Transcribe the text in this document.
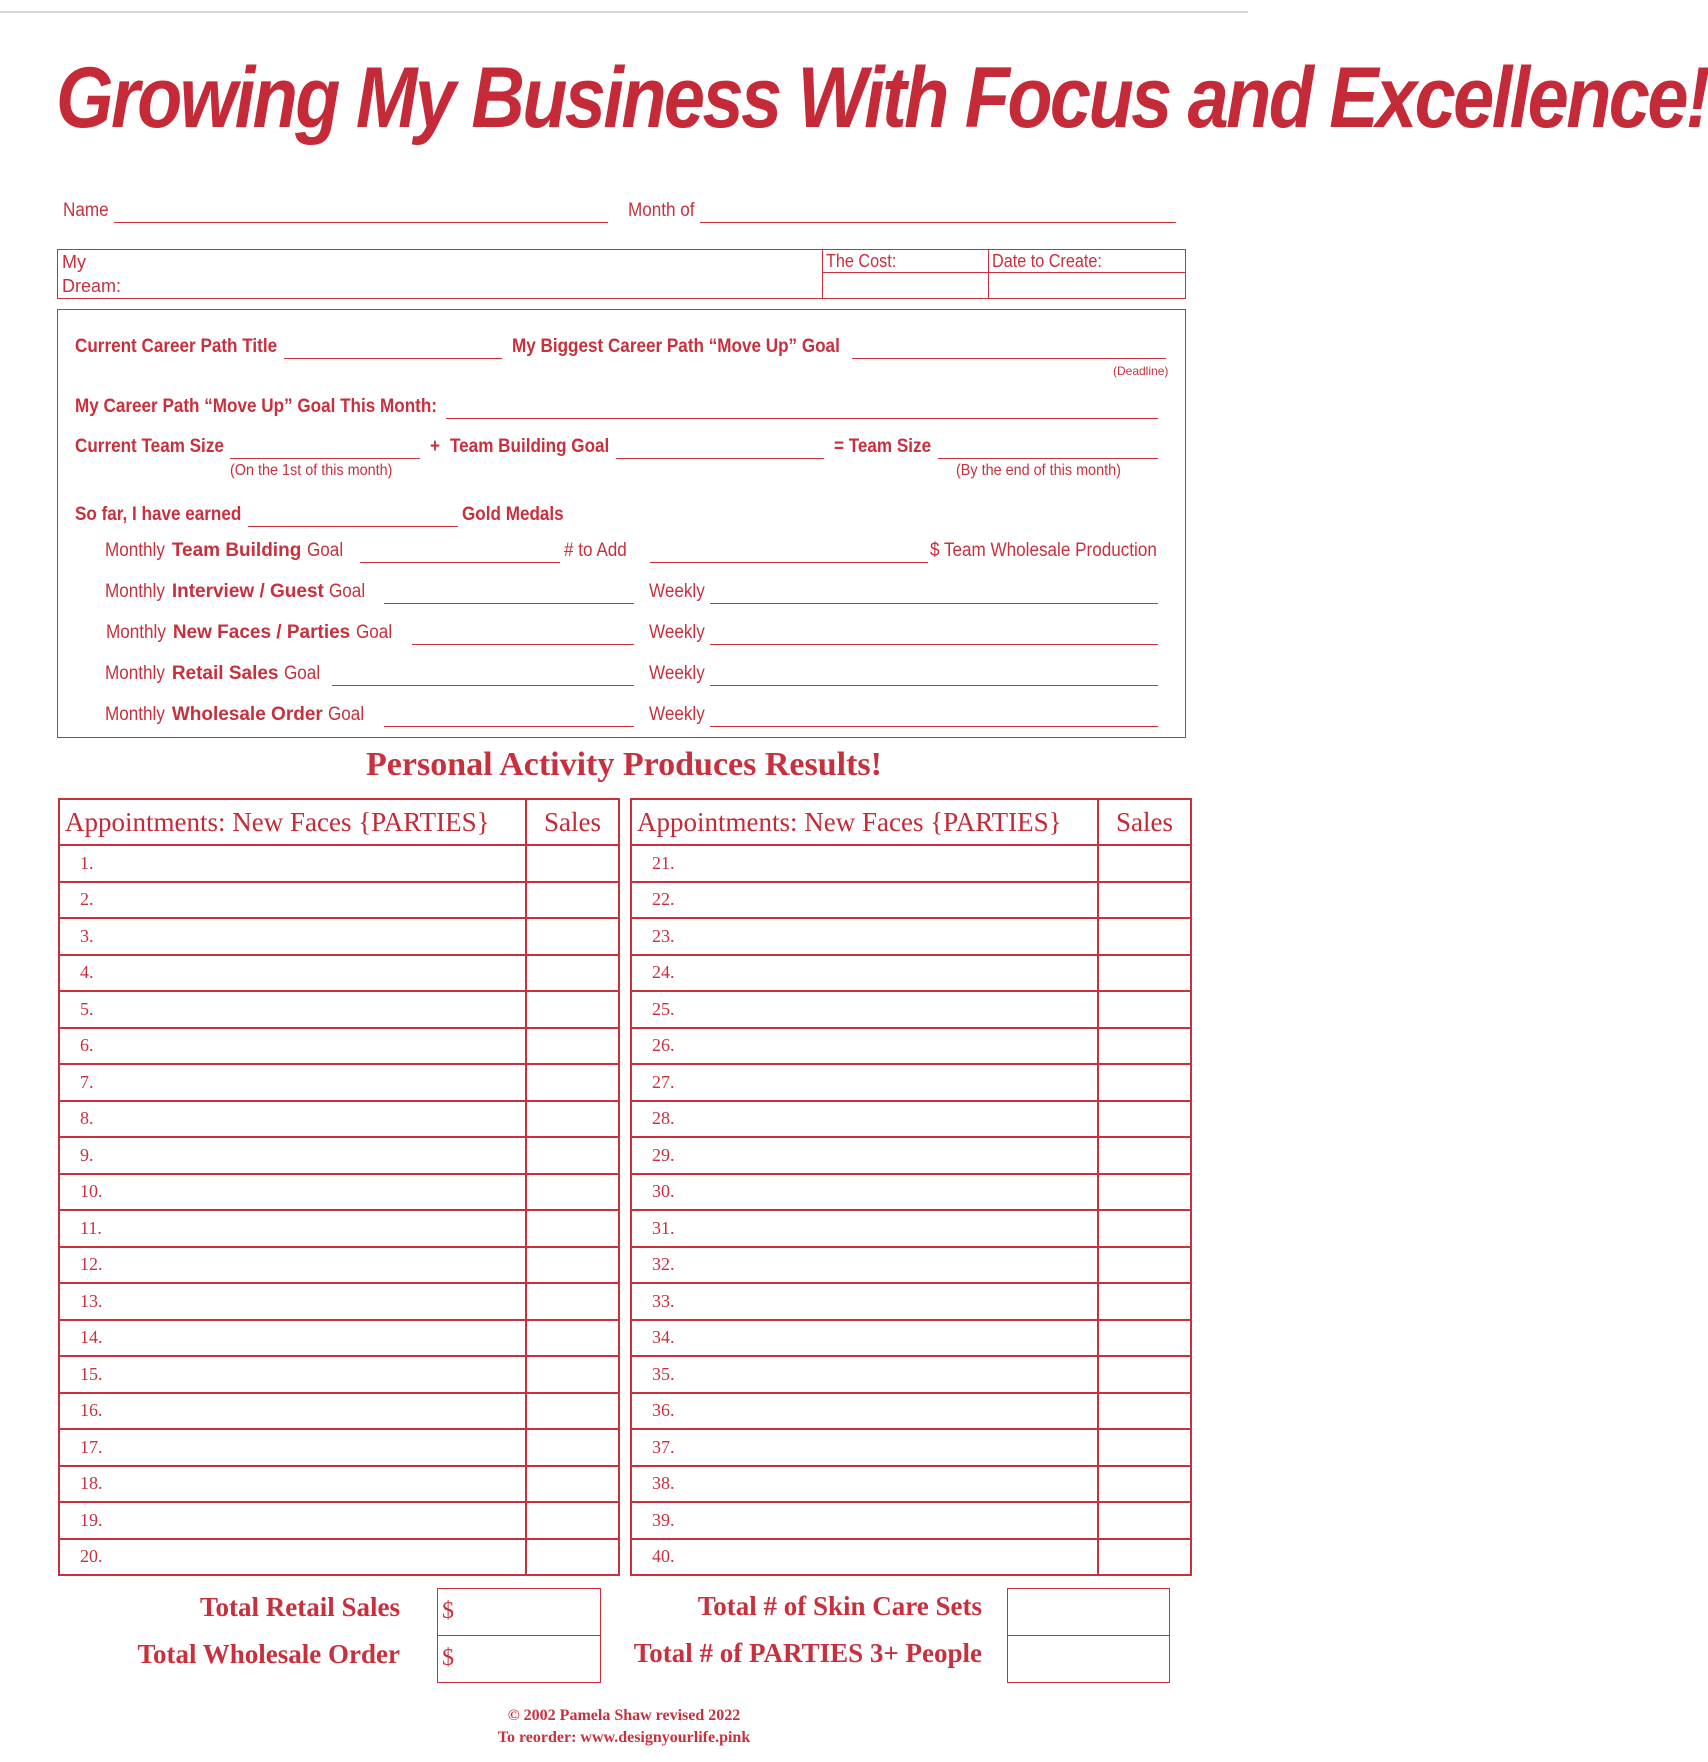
Growing My Business With Focus and Excellence!
Name	Month of
My
Dream:
The Cost:	Date to Create:
Current Career Path Title	My Biggest Career Path “Move Up” Goal
(Deadline)
My Career Path “Move Up” Goal This Month:
Current Team Size
(On the 1st of this month)
+ Team Building Goal	= Team Size
(By the end of this month)
So far, I have earned	Gold Medals
Monthly Team Building Goal	# to Add	$ Team Wholesale Production
Monthly Interview / Guest Goal	Weekly
Monthly New Faces / Parties Goal	Weekly
Monthly Retail Sales Goal	Weekly
Monthly Wholesale Order Goal	Weekly
Personal Activity Produces Results!
Appointments: New Faces {PARTIES}	Sales
1.	
2.	
3.	
4.	
5.	
6.	
7.	
8.	
9.	
10.	
11.	
12.	
13.	
14.	
15.	
16.	
17.	
18.	
19.	
20.	
Appointments: New Faces {PARTIES}	Sales
21.	
22.	
23.	
24.	
25.	
26.	
27.	
28.	
29.	
30.	
31.	
32.	
33.	
34.	
35.	
36.	
37.	
38.	
39.	
40.	
Total Retail Sales $
Total Wholesale Order $
Total # of Skin Care Sets
Total # of PARTIES 3+ People
© 2002 Pamela Shaw revised 2022
To reorder: www.designyourlife.pink
